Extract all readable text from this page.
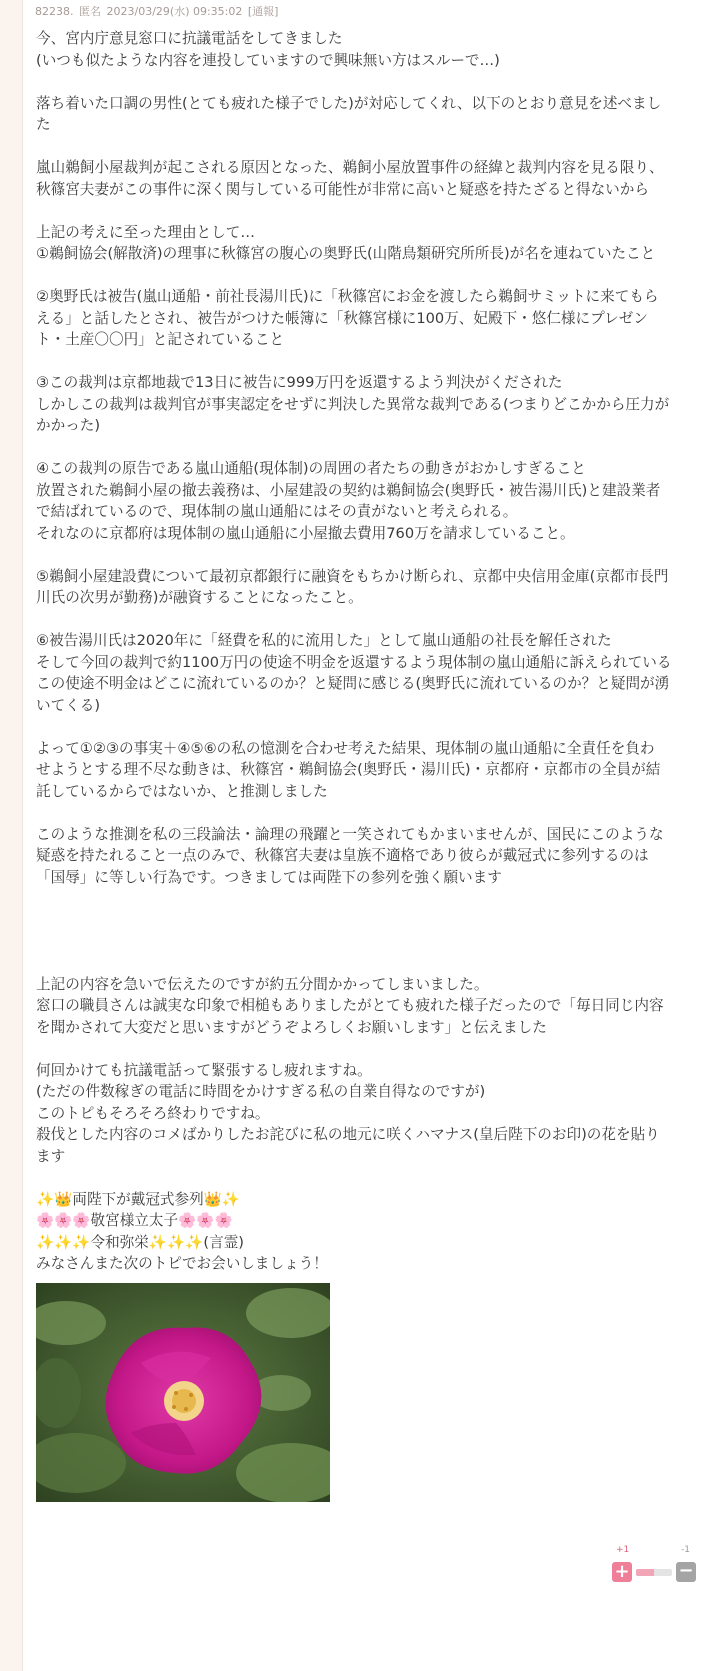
82238. 匿名 2023/03/29(水) 09:35:02 [通報]
今、宮内庁意見窓口に抗議電話をしてきました
(いつも似たような内容を連投していますので興味無い方はスルーで…)
落ち着いた口調の男性(とても疲れた様子でした)が対応してくれ、以下のとおり意見を述べまし
た
嵐山鵜飼小屋裁判が起こされる原因となった、鵜飼小屋放置事件の経緯と裁判内容を見る限り、
秋篠宮夫妻がこの事件に深く関与している可能性が非常に高いと疑惑を持たざると得ないから
上記の考えに至った理由として…
①鵜飼協会(解散済)の理事に秋篠宮の腹心の奥野氏(山階鳥類研究所所長)が名を連ねていたこと
②奥野氏は被告(嵐山通船・前社長湯川氏)に「秋篠宮にお金を渡したら鵜飼サミットに来てもら
える」と話したとされ、被告がつけた帳簿に「秋篠宮様に100万、妃殿下・悠仁様にプレゼン
ト・土産〇〇円」と記されていること
③この裁判は京都地裁で13日に被告に999万円を返還するよう判決がくだされた
しかしこの裁判は裁判官が事実認定をせずに判決した異常な裁判である(つまりどこかから圧力が
かかった)
④この裁判の原告である嵐山通船(現体制)の周囲の者たちの動きがおかしすぎること
放置された鵜飼小屋の撤去義務は、小屋建設の契約は鵜飼協会(奥野氏・被告湯川氏)と建設業者
で結ばれているので、現体制の嵐山通船にはその責がないと考えられる。
それなのに京都府は現体制の嵐山通船に小屋撤去費用760万を請求していること。
⑤鵜飼小屋建設費について最初京都銀行に融資をもちかけ断られ、京都中央信用金庫(京都市長門
川氏の次男が勤務)が融資することになったこと。
⑥被告湯川氏は2020年に「経費を私的に流用した」として嵐山通船の社長を解任された
そして今回の裁判で約1100万円の使途不明金を返還するよう現体制の嵐山通船に訴えられている
この使途不明金はどこに流れているのか？と疑問に感じる(奥野氏に流れているのか？と疑問が湧
いてくる)
よって①②③の事実＋④⑤⑥の私の憶測を合わせ考えた結果、現体制の嵐山通船に全責任を負わ
せようとする理不尽な動きは、秋篠宮・鵜飼協会(奥野氏・湯川氏)・京都府・京都市の全員が結
託しているからではないか、と推測しました
このような推測を私の三段論法・論理の飛躍と一笑されてもかまいませんが、国民にこのような
疑惑を持たれること一点のみで、秋篠宮夫妻は皇族不適格であり彼らが戴冠式に参列するのは
「国辱」に等しい行為です。つきましては両陛下の参列を強く願います
上記の内容を急いで伝えたのですが約五分間かかってしまいました。
窓口の職員さんは誠実な印象で相槌もありましたがとても疲れた様子だったので「毎日同じ内容
を聞かされて大変だと思いますがどうぞよろしくお願いします」と伝えました
何回かけても抗議電話って緊張するし疲れますね。
(ただの件数稼ぎの電話に時間をかけすぎる私の自業自得なのですが)
このトピもそろそろ終わりですね。
殺伐とした内容のコメばかりしたお詫びに私の地元に咲くハマナス(皇后陛下のお印)の花を貼り
ます
✨👑両陛下が戴冠式参列👑✨
🌸🌸🌸敬宮様立太子🌸🌸🌸
✨✨✨令和弥栄✨✨✨(言霊)
みなさんまた次のトピでお会いしましょう！
+1	-1
+	−
